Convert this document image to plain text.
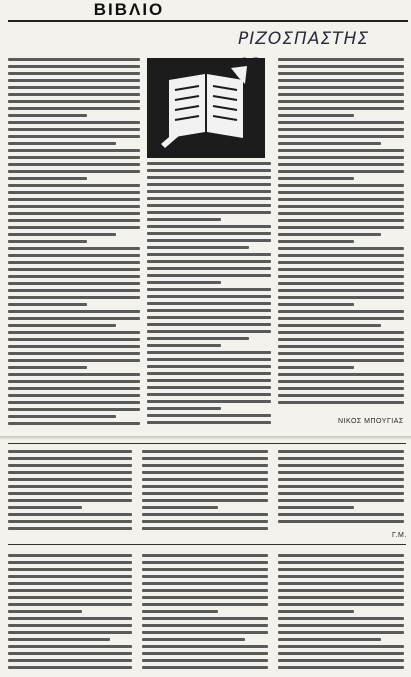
ΒΙΒΛΙΟ
ΡΙΖΟΣΠΑΣΤΗΣ
ΝΙΚΟΣ ΜΠΟΥΓΙΑΣ
Γ.Μ.
